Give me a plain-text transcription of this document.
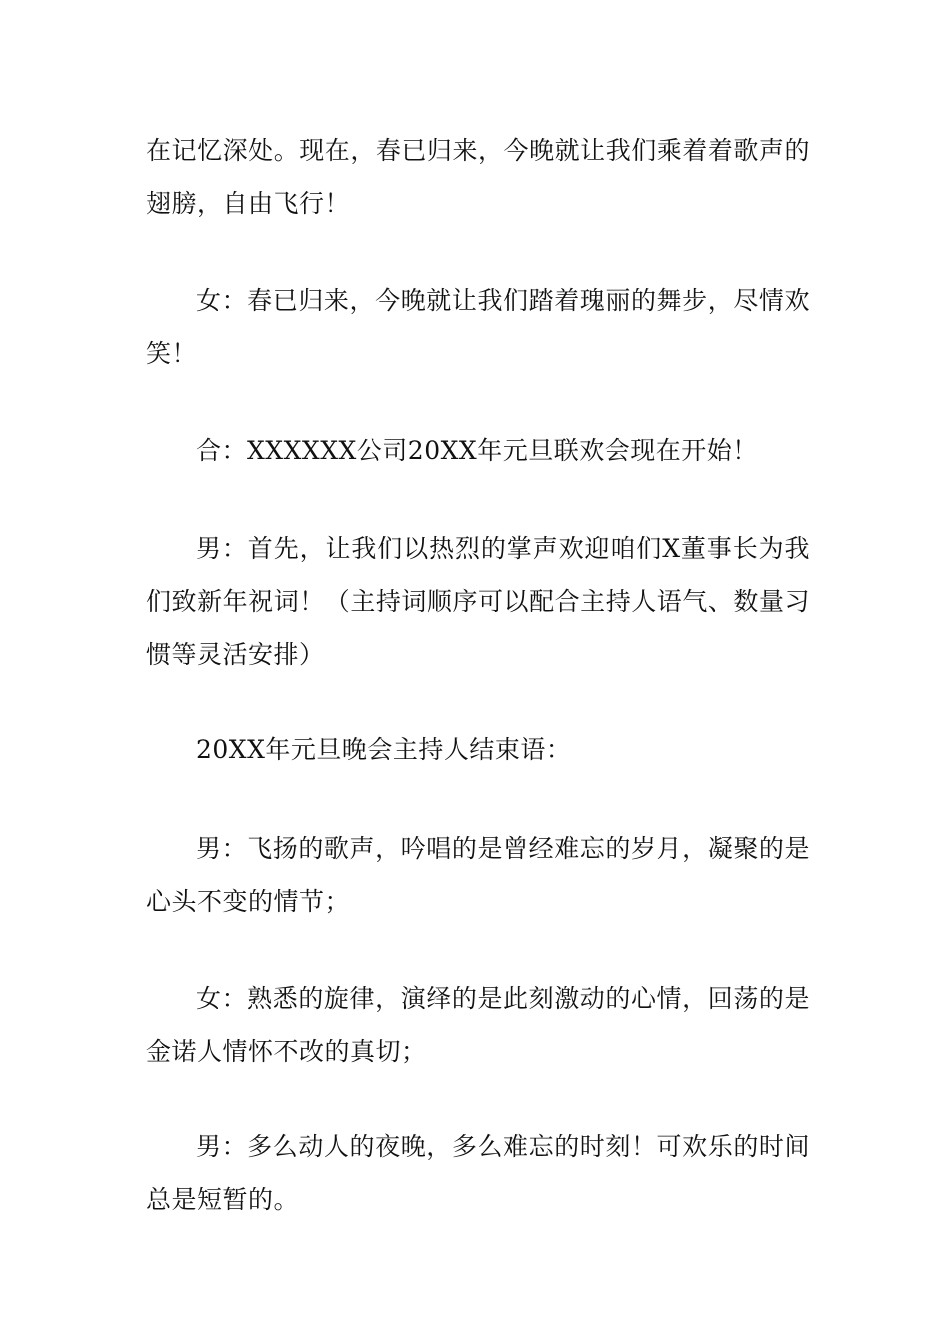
在记忆深处。现在，春已归来，今晚就让我们乘着着歌声的翅膀，自由飞行！

女：春已归来，今晚就让我们踏着瑰丽的舞步，尽情欢笑！

合：XXXXXX公司20XX年元旦联欢会现在开始！

男：首先，让我们以热烈的掌声欢迎咱们X董事长为我们致新年祝词！（主持词顺序可以配合主持人语气、数量习惯等灵活安排）

20XX年元旦晚会主持人结束语：

男：飞扬的歌声，吟唱的是曾经难忘的岁月，凝聚的是心头不变的情节；

女：熟悉的旋律，演绎的是此刻激动的心情，回荡的是金诺人情怀不改的真切；

男：多么动人的夜晚，多么难忘的时刻！可欢乐的时间总是短暂的。
